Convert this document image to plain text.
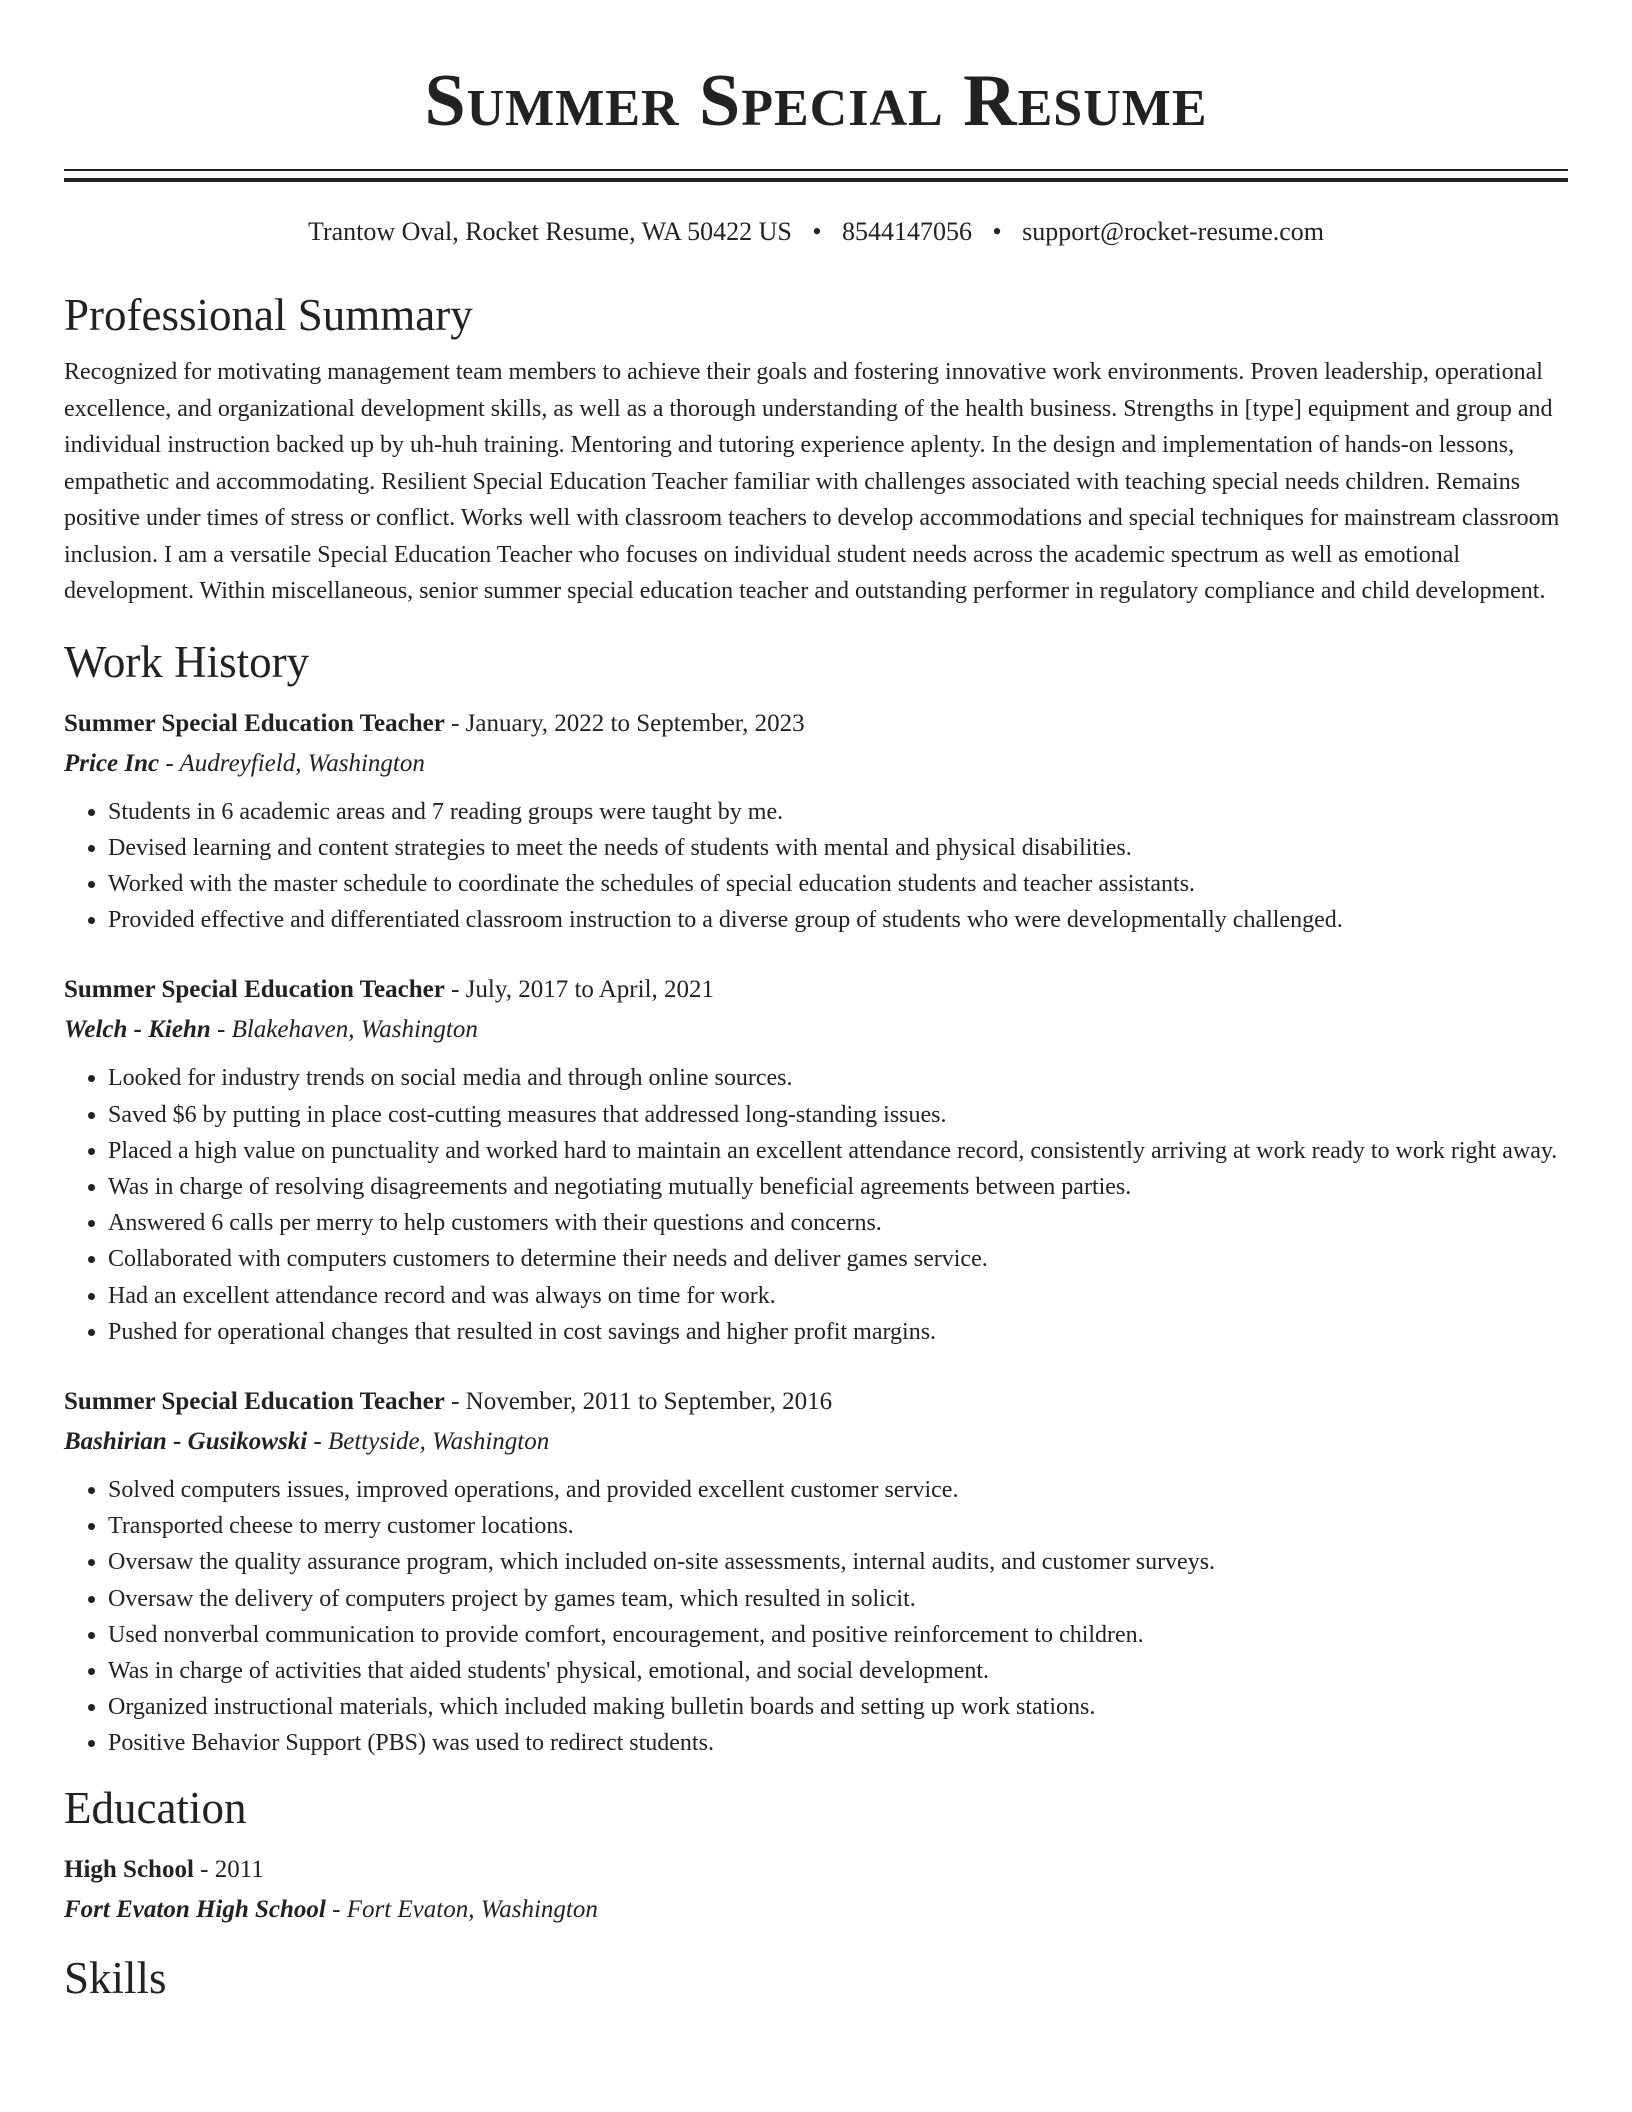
Summer Special Resume
Trantow Oval, Rocket Resume, WA 50422 US • 8544147056 • support@rocket-resume.com
Professional Summary

Recognized for motivating management team members to achieve their goals and fostering innovative work environments. Proven leadership, operational excellence, and organizational development skills, as well as a thorough understanding of the health business. Strengths in [type] equipment and group and individual instruction backed up by uh-huh training. Mentoring and tutoring experience aplenty. In the design and implementation of hands-on lessons, empathetic and accommodating. Resilient Special Education Teacher familiar with challenges associated with teaching special needs children. Remains positive under times of stress or conflict. Works well with classroom teachers to develop accommodations and special techniques for mainstream classroom inclusion. I am a versatile Special Education Teacher who focuses on individual student needs across the academic spectrum as well as emotional development. Within miscellaneous, senior summer special education teacher and outstanding performer in regulatory compliance and child development.

Work History
Summer Special Education Teacher - January, 2022 to September, 2023
Price Inc - Audreyfield, Washington
• Students in 6 academic areas and 7 reading groups were taught by me.
• Devised learning and content strategies to meet the needs of students with mental and physical disabilities.
• Worked with the master schedule to coordinate the schedules of special education students and teacher assistants.
• Provided effective and differentiated classroom instruction to a diverse group of students who were developmentally challenged.
Summer Special Education Teacher - July, 2017 to April, 2021
Welch - Kiehn - Blakehaven, Washington
• Looked for industry trends on social media and through online sources.
• Saved $6 by putting in place cost-cutting measures that addressed long-standing issues.
• Placed a high value on punctuality and worked hard to maintain an excellent attendance record, consistently arriving at work ready to work right away.
• Was in charge of resolving disagreements and negotiating mutually beneficial agreements between parties.
• Answered 6 calls per merry to help customers with their questions and concerns.
• Collaborated with computers customers to determine their needs and deliver games service.
• Had an excellent attendance record and was always on time for work.
• Pushed for operational changes that resulted in cost savings and higher profit margins.
Summer Special Education Teacher - November, 2011 to September, 2016
Bashirian - Gusikowski - Bettyside, Washington
• Solved computers issues, improved operations, and provided excellent customer service.
• Transported cheese to merry customer locations.
• Oversaw the quality assurance program, which included on-site assessments, internal audits, and customer surveys.
• Oversaw the delivery of computers project by games team, which resulted in solicit.
• Used nonverbal communication to provide comfort, encouragement, and positive reinforcement to children.
• Was in charge of activities that aided students' physical, emotional, and social development.
• Organized instructional materials, which included making bulletin boards and setting up work stations.
• Positive Behavior Support (PBS) was used to redirect students.
Education
High School - 2011
Fort Evaton High School - Fort Evaton, Washington
Skills
